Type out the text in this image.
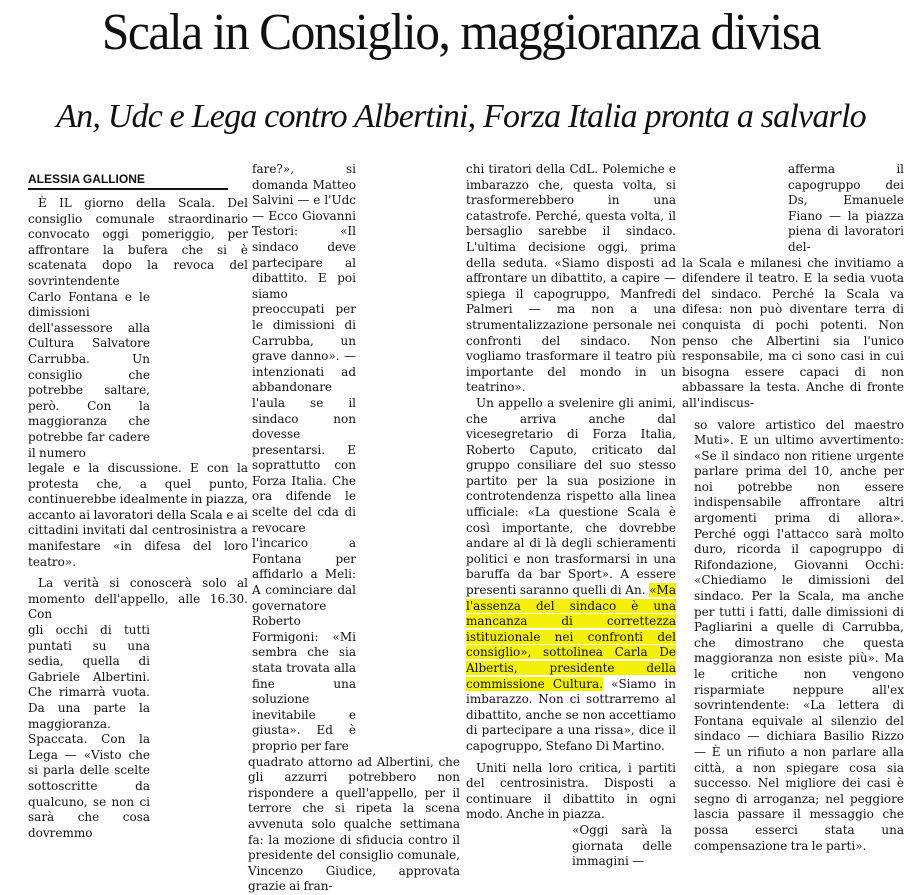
Scala in Consiglio, maggioranza divisa
An, Udc e Lega contro Albertini, Forza Italia pronta a salvarlo
ALESSIA GALLIONE

È IL giorno della Scala. Del consiglio comunale straordinario convocato oggi pomeriggio, per affrontare la bufera che si è scatenata dopo la revoca del sovrintendente

Carlo Fontana e le dimissioni dell'assessore alla Cultura Salvatore Carrubba. Un consiglio che potrebbe saltare, però. Con la maggioranza che potrebbe far cadere il numero

legale e la discussione. E con la protesta che, a quel punto, continuerebbe idealmente in piazza, accanto ai lavoratori della Scala e ai cittadini invitati dal centrosinistra a manifestare «in difesa del loro teatro».

La verità si conoscerà solo al momento dell'appello, alle 16.30. Con

gli occhi di tutti puntati su una sedia, quella di Gabriele Albertini. Che rimarrà vuota. Da una parte la maggioranza. Spaccata. Con la Lega — «Visto che si parla delle scelte sottoscritte da qualcuno, se non ci sarà che cosa dovremmo

fare?», si domanda Matteo Salvini — e l'Udc — Ecco Giovanni Testori: «Il sindaco deve partecipare al dibattito. E poi siamo preoccupati per le dimissioni di Carrubba, un grave danno». — intenzionati ad abbandonare l'aula se il sindaco non dovesse presentarsi. E soprattutto con Forza Italia. Che ora difende le scelte del cda di revocare l'incarico a Fontana per affidarlo a Meli: A cominciare dal governatore Roberto Formigoni: «Mi sembra che sia stata trovata alla fine una soluzione inevitabile e giusta». Ed è proprio per fare

quadrato attorno ad Albertini, che gli azzurri potrebbero non rispondere a quell'appello, per il terrore che si ripeta la scena avvenuta solo qualche settimana fa: la mozione di sfiducia contro il presidente del consiglio comunale, Vincenzo Giudice, approvata grazie ai fran-

chi tiratori della CdL. Polemiche e imbarazzo che, questa volta, si trasformerebbero in una catastrofe. Perché, questa volta, il bersaglio sarebbe il sindaco. L'ultima decisione oggi, prima della seduta. «Siamo disposti ad affrontare un dibattito, a capire — spiega il capogruppo, Manfredi Palmeri — ma non a una strumentalizzazione personale nei confronti del sindaco. Non vogliamo trasformare il teatro più importante del mondo in un teatrino».

Un appello a svelenire gli animi, che arriva anche dal vicesegretario di Forza Italia, Roberto Caputo, criticato dal gruppo consiliare del suo stesso partito per la sua posizione in controtendenza rispetto alla linea ufficiale: «La questione Scala è così importante, che dovrebbe andare al di là degli schieramenti politici e non trasformarsi in una baruffa da bar Sport». A essere presenti saranno quelli di An. «Ma l'assenza del sindaco è una mancanza di correttezza istituzionale nei confronti del consiglio», sottolinea Carla De Albertis, presidente della commissione Cultura. «Siamo in imbarazzo. Non ci sottrarremo al dibattito, anche se non accettiamo di partecipare a una rissa», dice il capogruppo, Stefano Di Martino.

Uniti nella loro critica, i partiti del centrosinistra. Disposti a continuare il dibattito in ogni modo. Anche in piazza.

«Oggi sarà la giornata delle immagini —

afferma il capogruppo dei Ds, Emanuele Fiano — la piazza piena di lavoratori del-

la Scala e milanesi che invitiamo a difendere il teatro. E la sedia vuota del sindaco. Perché la Scala va difesa: non può diventare terra di conquista di pochi potenti. Non penso che Albertini sia l'unico responsabile, ma ci sono casi in cui bisogna essere capaci di non abbassare la testa. Anche di fronte all'indiscus-

so valore artistico del maestro Muti». E un ultimo avvertimento: «Se il sindaco non ritiene urgente parlare prima del 10, anche per noi potrebbe non essere indispensabile affrontare altri argomenti prima di allora». Perché oggi l'attacco sarà molto duro, ricorda il capogruppo di Rifondazione, Giovanni Occhi: «Chiediamo le dimissioni del sindaco. Per la Scala, ma anche per tutti i fatti, dalle dimissioni di Pagliarini a quelle di Carrubba, che dimostrano che questa maggioranza non esiste più». Ma le critiche non vengono risparmiate neppure all'ex sovrintendente: «La lettera di Fontana equivale al silenzio del sindaco — dichiara Basilio Rizzo — È un rifiuto a non parlare alla città, a non spiegare cosa sia successo. Nel migliore dei casi è segno di arroganza; nel peggiore lascia passare il messaggio che possa esserci stata una compensazione tra le parti».
